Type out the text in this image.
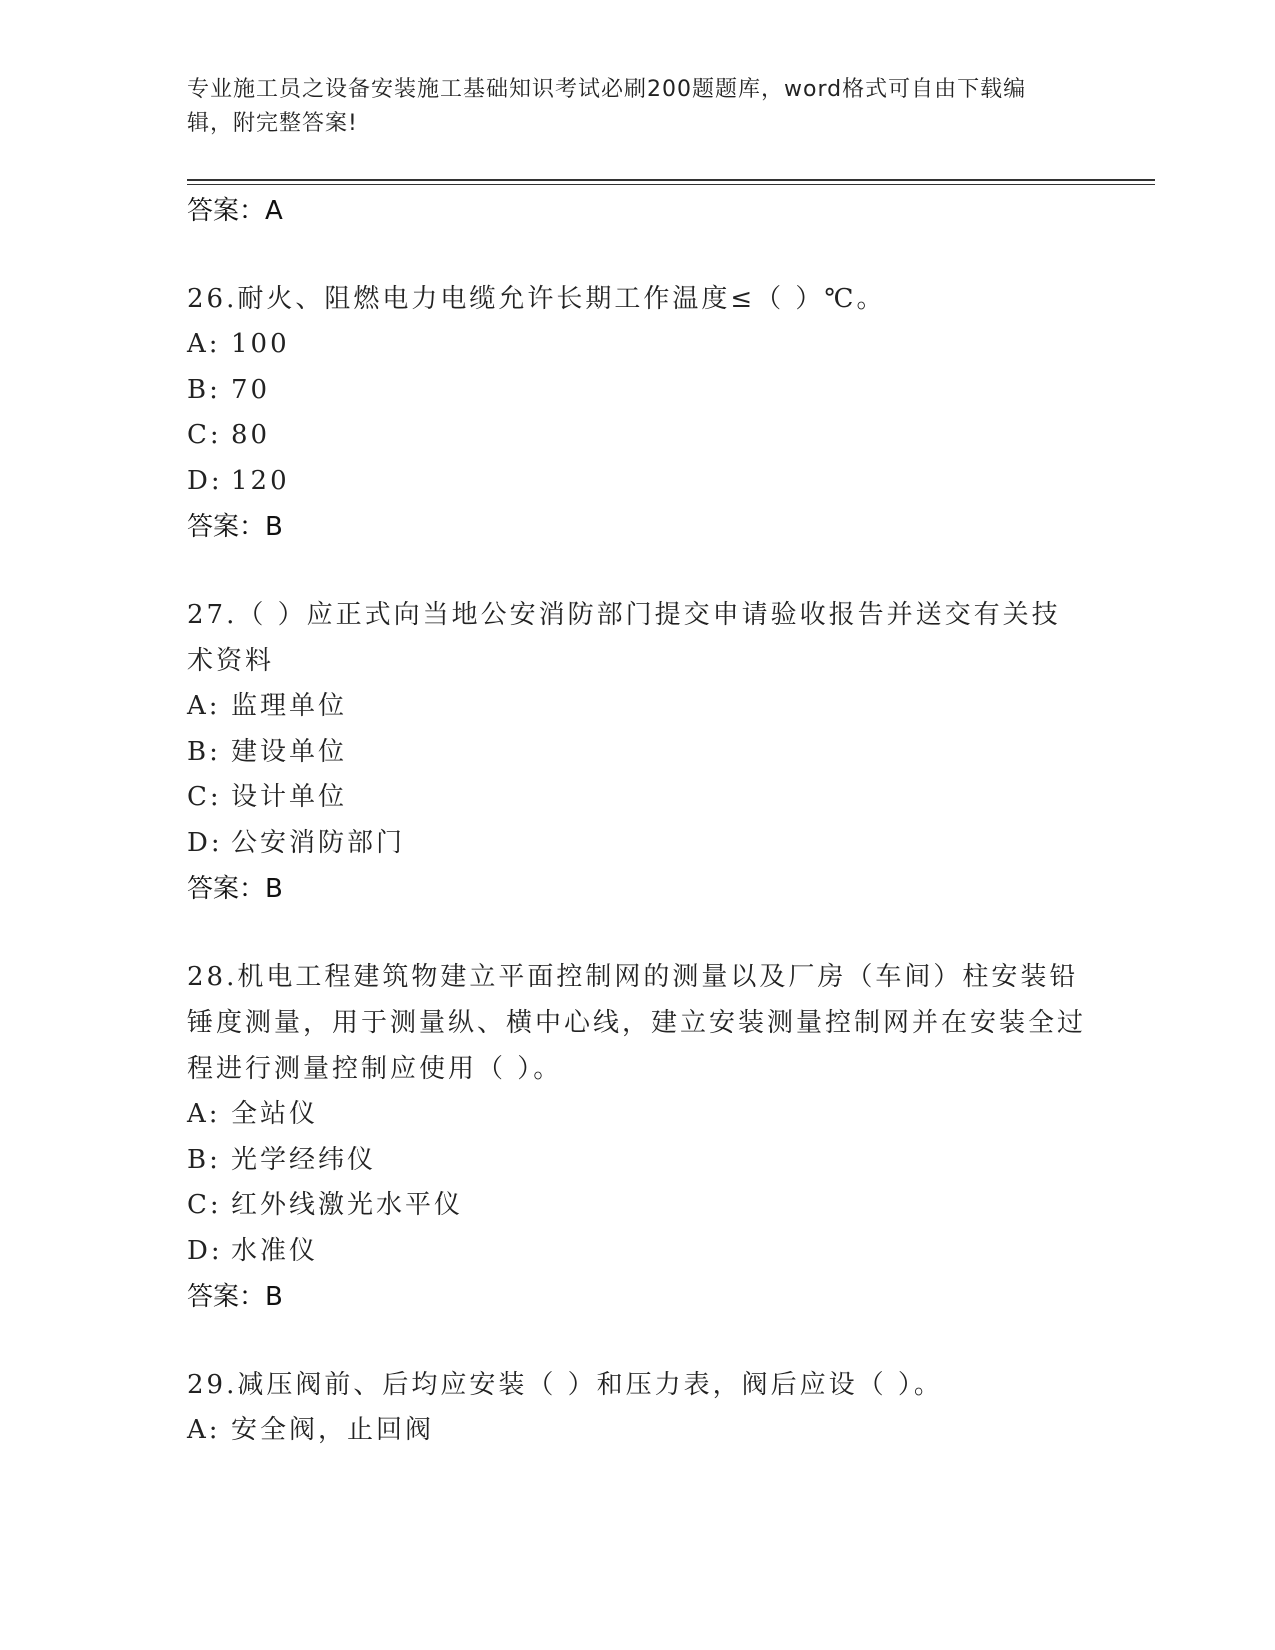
专业施工员之设备安装施工基础知识考试必刷200题题库，word格式可自由下载编辑，附完整答案!
答案：A
26.耐火、阻燃电力电缆允许长期工作温度≤（ ）℃。
A: 100
B: 70
C: 80
D: 120
答案：B
27.（ ）应正式向当地公安消防部门提交申请验收报告并送交有关技术资料
A: 监理单位
B: 建设单位
C: 设计单位
D: 公安消防部门
答案：B
28.机电工程建筑物建立平面控制网的测量以及厂房（车间）柱安装铅锤度测量，用于测量纵、横中心线，建立安装测量控制网并在安装全过程进行测量控制应使用（ ）。
A: 全站仪
B: 光学经纬仪
C: 红外线激光水平仪
D: 水准仪
答案：B
29.减压阀前、后均应安装（ ）和压力表，阀后应设（ ）。
A: 安全阀，止回阀
